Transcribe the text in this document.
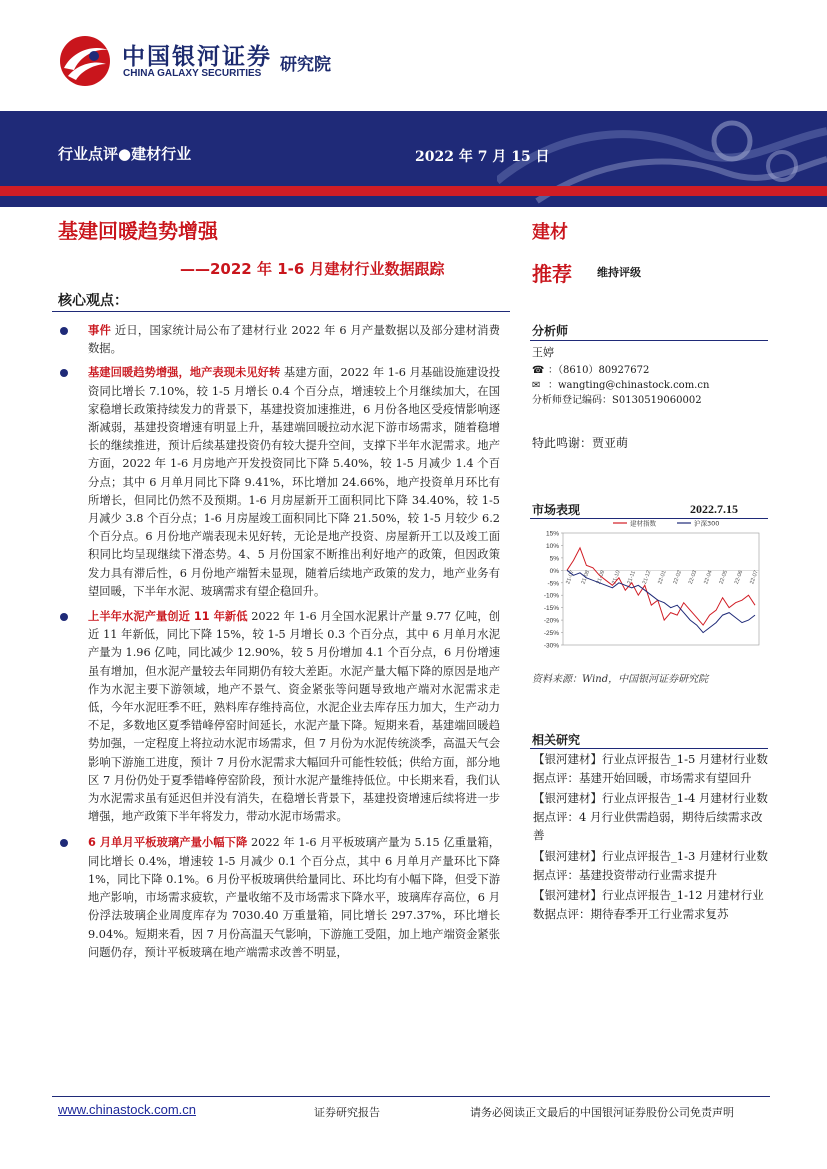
中国银河证券
CHINA GALAXY SECURITIES 研究院
行业点评●建材行业	2022 年 7 月 15 日
基建回暖趋势增强
——2022 年 1-6 月建材行业数据跟踪
核心观点：
建材
推荐 维持评级
事件 近日，国家统计局公布了建材行业 2022 年 6 月产量数据以及部分建材消费数据。
基建回暖趋势增强，地产表现未见好转 基建方面，2022 年 1-6 月基础设施建设投资同比增长 7.10%，较 1-5 月增长 0.4 个百分点，增速较上个月继续加大，在国家稳增长政策持续发力的背景下，基建投资加速推进，6 月份各地区受疫情影响逐渐减弱，基建投资增速有明显上升，基建端回暖拉动水泥下游市场需求，随着稳增长的继续推进，预计后续基建投资仍有较大提升空间，支撑下半年水泥需求。地产方面，2022 年 1-6 月房地产开发投资同比下降 5.40%，较 1-5 月减少 1.4 个百分点；其中 6 月单月同比下降 9.41%，环比增加 24.66%，地产投资单月环比有所增长，但同比仍然不及预期。1-6 月房屋新开工面积同比下降 34.40%，较 1-5 月减少 3.8 个百分点；1-6 月房屋竣工面积同比下降 21.50%，较 1-5 月较少 6.2 个百分点。6 月份地产端表现未见好转，无论是地产投资、房屋新开工以及竣工面积同比均呈现继续下滑态势。4、5 月份国家不断推出利好地产的政策，但因政策发力具有滞后性，6 月份地产端暂未显现，随着后续地产政策的发力，地产业务有望回暖，下半年水泥、玻璃需求有望企稳回升。
上半年水泥产量创近 11 年新低 2022 年 1-6 月全国水泥累计产量 9.77 亿吨，创近 11 年新低，同比下降 15%，较 1-5 月增长 0.3 个百分点，其中 6 月单月水泥产量为 1.96 亿吨，同比减少 12.90%，较 5 月份增加 4.1 个百分点，6 月份增速虽有增加，但水泥产量较去年同期仍有较大差距。水泥产量大幅下降的原因是地产作为水泥主要下游领域，地产不景气、资金紧张等问题导致地产端对水泥需求走低，今年水泥旺季不旺，熟料库存维持高位，水泥企业去库存压力加大，生产动力不足，多数地区夏季错峰停窑时间延长，水泥产量下降。短期来看，基建端回暖趋势加强，一定程度上将拉动水泥市场需求，但 7 月份为水泥传统淡季，高温天气会影响下游施工进度，预计 7 月份水泥需求大幅回升可能性较低；供给方面，部分地区 7 月份仍处于夏季错峰停窑阶段，预计水泥产量维持低位。中长期来看，我们认为水泥需求虽有延迟但并没有消失，在稳增长背景下，基建投资增速后续将进一步增强，地产政策下半年将发力，带动水泥市场需求。
6 月单月平板玻璃产量小幅下降 2022 年 1-6 月平板玻璃产量为 5.15 亿重量箱，同比增长 0.4%，增速较 1-5 月减少 0.1 个百分点，其中 6 月单月产量环比下降 1%，同比下降 0.1%。6 月份平板玻璃供给量同比、环比均有小幅下降，但受下游地产影响，市场需求疲软，产量收缩不及市场需求下降水平，玻璃库存高位，6 月份浮法玻璃企业周度库存为 7030.40 万重量箱，同比增长 297.37%，环比增长 9.04%。短期来看，因 7 月份高温天气影响，下游施工受阻，加上地产端资金紧张问题仍存，预计平板玻璃在地产端需求改善不明显，
分析师
王婷
☎ ：（8610）80927672
✉ ：wangting@chinastock.com.cn
分析师登记编码：S0130519060002
特此鸣谢：贾亚萌
市场表现	2022.7.15
15%
10%
5%
0%
-5%
-10%
-15%
-20%
-25%
-30%
21-07 21-08 21-09 21-10 21-11 21-12 22-01 22-02 22-03 22-04 22-05 22-06 22-07
建材指数	沪深300
资料来源：Wind，中国银河证券研究院
相关研究
【银河建材】行业点评报告_1-5 月建材行业数据点评：基建开始回暖，市场需求有望回升
【银河建材】行业点评报告_1-4 月建材行业数据点评：4 月行业供需趋弱，期待后续需求改善
【银河建材】行业点评报告_1-3 月建材行业数据点评：基建投资带动行业需求提升
【银河建材】行业点评报告_1-12 月建材行业数据点评：期待春季开工行业需求复苏
www.chinastock.com.cn	证券研究报告	请务必阅读正文最后的中国银河证券股份公司免责声明
